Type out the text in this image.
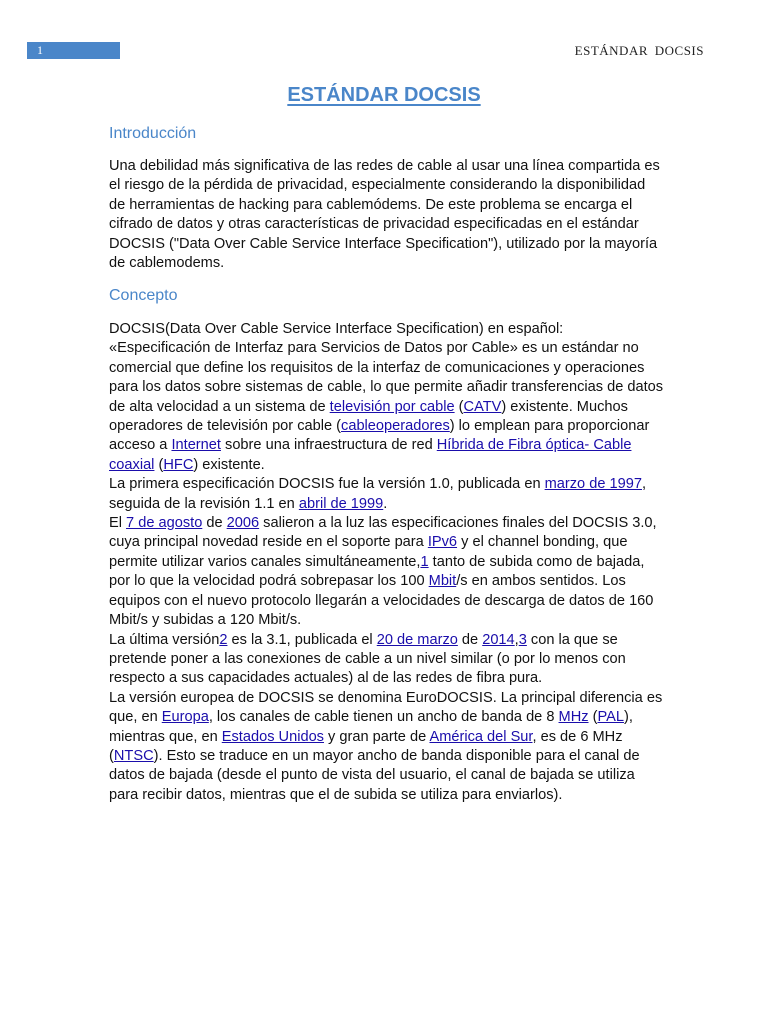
1	ESTÁNDAR DOCSIS
ESTÁNDAR DOCSIS
Introducción

Una debilidad más significativa de las redes de cable al usar una línea compartida es el riesgo de la pérdida de privacidad, especialmente considerando la disponibilidad de herramientas de hacking para cablemódems. De este problema se encarga el cifrado de datos y otras características de privacidad especificadas en el estándar DOCSIS ("Data Over Cable Service Interface Specification"), utilizado por la mayoría de cablemodems.

Concepto

DOCSIS(Data Over Cable Service Interface Specification) en español: «Especificación de Interfaz para Servicios de Datos por Cable» es un estándar no comercial que define los requisitos de la interfaz de comunicaciones y operaciones para los datos sobre sistemas de cable, lo que permite añadir transferencias de datos de alta velocidad a un sistema de televisión por cable (CATV) existente. Muchos operadores de televisión por cable (cableoperadores) lo emplean para proporcionar acceso a Internet sobre una infraestructura de red Híbrida de Fibra óptica- Cable coaxial (HFC) existente.

La primera especificación DOCSIS fue la versión 1.0, publicada en marzo de 1997, seguida de la revisión 1.1 en abril de 1999.

El 7 de agosto de 2006 salieron a la luz las especificaciones finales del DOCSIS 3.0, cuya principal novedad reside en el soporte para IPv6 y el channel bonding, que permite utilizar varios canales simultáneamente,1 tanto de subida como de bajada, por lo que la velocidad podrá sobrepasar los 100 Mbit/s en ambos sentidos. Los equipos con el nuevo protocolo llegarán a velocidades de descarga de datos de 160 Mbit/s y subidas a 120 Mbit/s.

La última versión2 es la 3.1, publicada el 20 de marzo de 2014,3 con la que se pretende poner a las conexiones de cable a un nivel similar (o por lo menos con respecto a sus capacidades actuales) al de las redes de fibra pura.

La versión europea de DOCSIS se denomina EuroDOCSIS. La principal diferencia es que, en Europa, los canales de cable tienen un ancho de banda de 8 MHz (PAL), mientras que, en Estados Unidos y gran parte de América del Sur, es de 6 MHz (NTSC). Esto se traduce en un mayor ancho de banda disponible para el canal de datos de bajada (desde el punto de vista del usuario, el canal de bajada se utiliza para recibir datos, mientras que el de subida se utiliza para enviarlos).
